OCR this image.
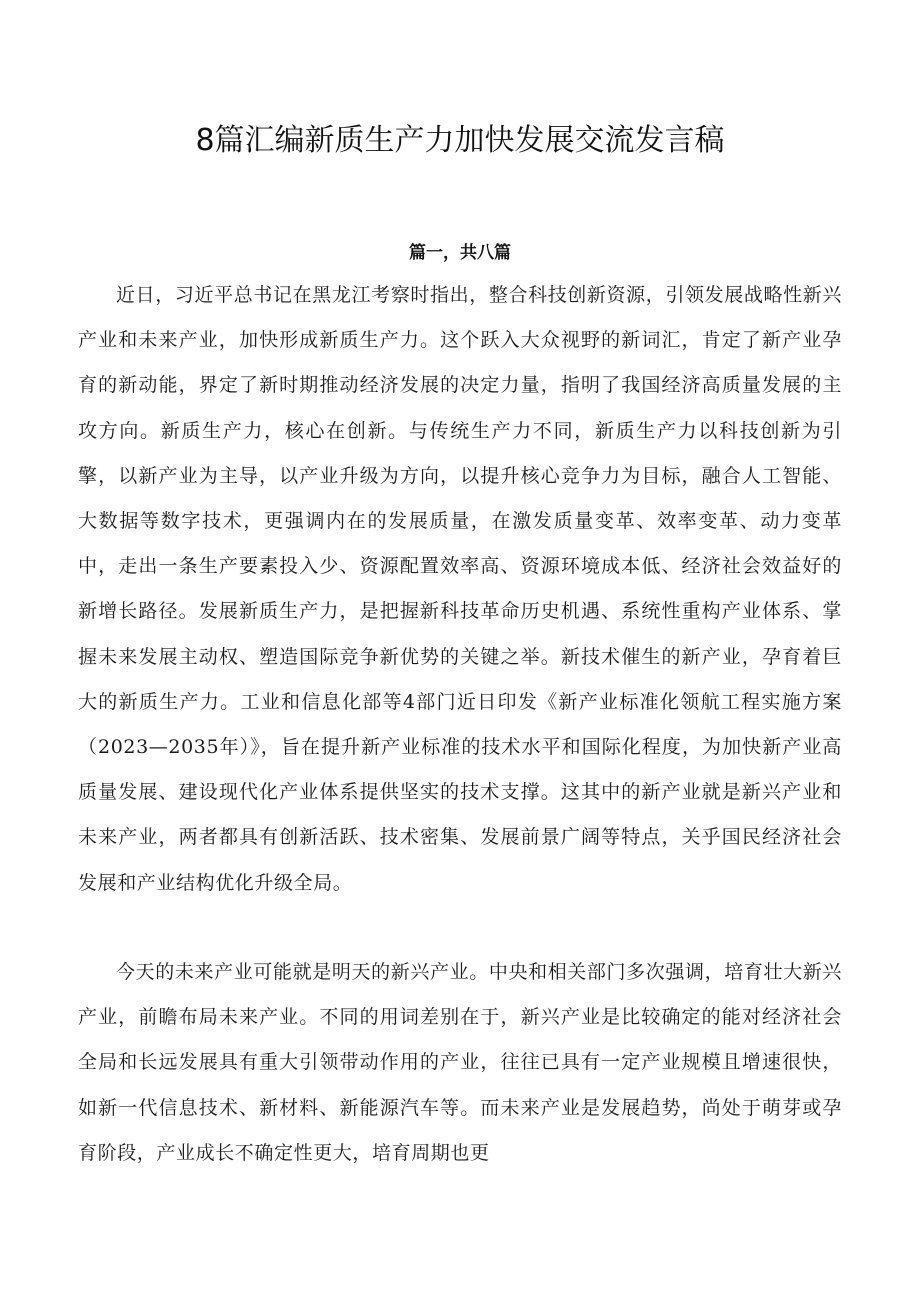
8篇汇编新质生产力加快发展交流发言稿
篇一，共八篇

近日，习近平总书记在黑龙江考察时指出，整合科技创新资源，引领发展战略性新兴产业和未来产业，加快形成新质生产力。这个跃入大众视野的新词汇，肯定了新产业孕育的新动能，界定了新时期推动经济发展的决定力量，指明了我国经济高质量发展的主攻方向。新质生产力，核心在创新。与传统生产力不同，新质生产力以科技创新为引擎，以新产业为主导，以产业升级为方向，以提升核心竞争力为目标，融合人工智能、大数据等数字技术，更强调内在的发展质量，在激发质量变革、效率变革、动力变革中，走出一条生产要素投入少、资源配置效率高、资源环境成本低、经济社会效益好的新增长路径。发展新质生产力，是把握新科技革命历史机遇、系统性重构产业体系、掌握未来发展主动权、塑造国际竞争新优势的关键之举。新技术催生的新产业，孕育着巨大的新质生产力。工业和信息化部等4部门近日印发《新产业标准化领航工程实施方案（2023—2035年）》，旨在提升新产业标准的技术水平和国际化程度，为加快新产业高质量发展、建设现代化产业体系提供坚实的技术支撑。这其中的新产业就是新兴产业和未来产业，两者都具有创新活跃、技术密集、发展前景广阔等特点，关乎国民经济社会发展和产业结构优化升级全局。

今天的未来产业可能就是明天的新兴产业。中央和相关部门多次强调，培育壮大新兴产业，前瞻布局未来产业。不同的用词差别在于，新兴产业是比较确定的能对经济社会全局和长远发展具有重大引领带动作用的产业，往往已具有一定产业规模且增速很快，如新一代信息技术、新材料、新能源汽车等。而未来产业是发展趋势，尚处于萌芽或孕育阶段，产业成长不确定性更大，培育周期也更
